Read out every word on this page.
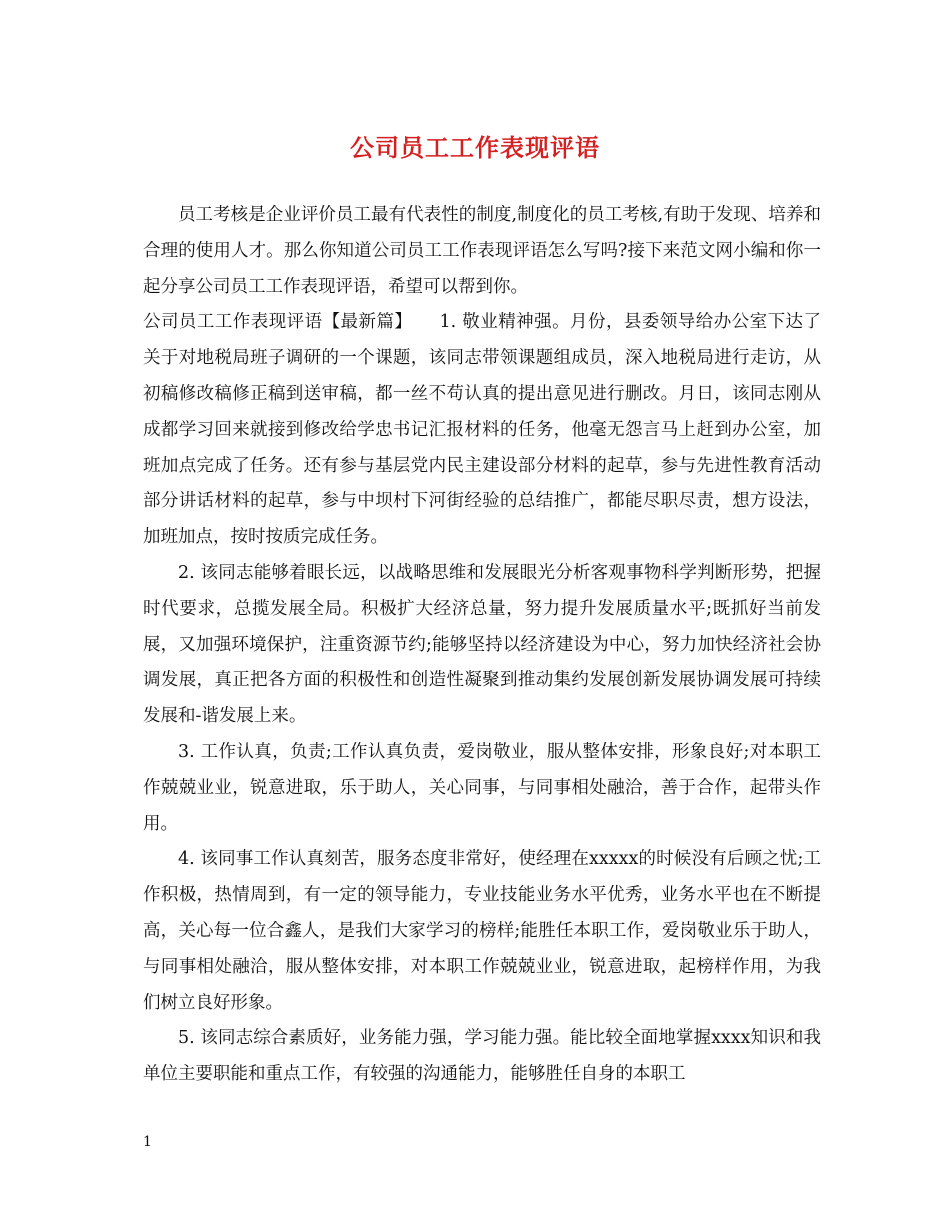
公司员工工作表现评语

员工考核是企业评价员工最有代表性的制度,制度化的员工考核,有助于发现、培养和合理的使用人才。那么你知道公司员工工作表现评语怎么写吗?接下来范文网小编和你一起分享公司员工工作表现评语，希望可以帮到你。

公司员工工作表现评语【最新篇】　　1. 敬业精神强。月份，县委领导给办公室下达了关于对地税局班子调研的一个课题，该同志带领课题组成员，深入地税局进行走访，从初稿修改稿修正稿到送审稿，都一丝不苟认真的提出意见进行删改。月日，该同志刚从成都学习回来就接到修改给学忠书记汇报材料的任务，他毫无怨言马上赶到办公室，加班加点完成了任务。还有参与基层党内民主建设部分材料的起草，参与先进性教育活动部分讲话材料的起草，参与中坝村下河街经验的总结推广，都能尽职尽责，想方设法，加班加点，按时按质完成任务。

2. 该同志能够着眼长远，以战略思维和发展眼光分析客观事物科学判断形势，把握时代要求，总揽发展全局。积极扩大经济总量，努力提升发展质量水平;既抓好当前发展，又加强环境保护，注重资源节约;能够坚持以经济建设为中心，努力加快经济社会协调发展，真正把各方面的积极性和创造性凝聚到推动集约发展创新发展协调发展可持续发展和-谐发展上来。

3. 工作认真，负责;工作认真负责，爱岗敬业，服从整体安排，形象良好;对本职工作兢兢业业，锐意进取，乐于助人，关心同事，与同事相处融洽，善于合作，起带头作用。

4. 该同事工作认真刻苦，服务态度非常好，使经理在xxxxx的时候没有后顾之忧;工作积极，热情周到，有一定的领导能力，专业技能业务水平优秀，业务水平也在不断提高，关心每一位合鑫人，是我们大家学习的榜样;能胜任本职工作，爱岗敬业乐于助人，与同事相处融洽，服从整体安排，对本职工作兢兢业业，锐意进取，起榜样作用，为我们树立良好形象。

5. 该同志综合素质好，业务能力强，学习能力强。能比较全面地掌握xxxx知识和我单位主要职能和重点工作，有较强的沟通能力，能够胜任自身的本职工

1
